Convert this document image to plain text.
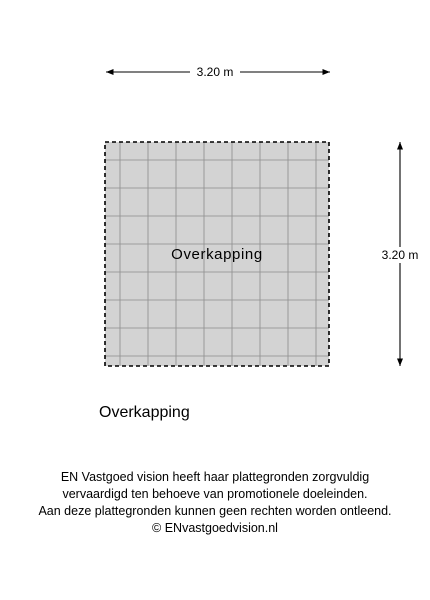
3.20 m
3.20 m
Overkapping
Overkapping
EN Vastgoed vision heeft haar plattegronden zorgvuldig
vervaardigd ten behoeve van promotionele doeleinden.
Aan deze plattegronden kunnen geen rechten worden ontleend.
© ENvastgoedvision.nl
